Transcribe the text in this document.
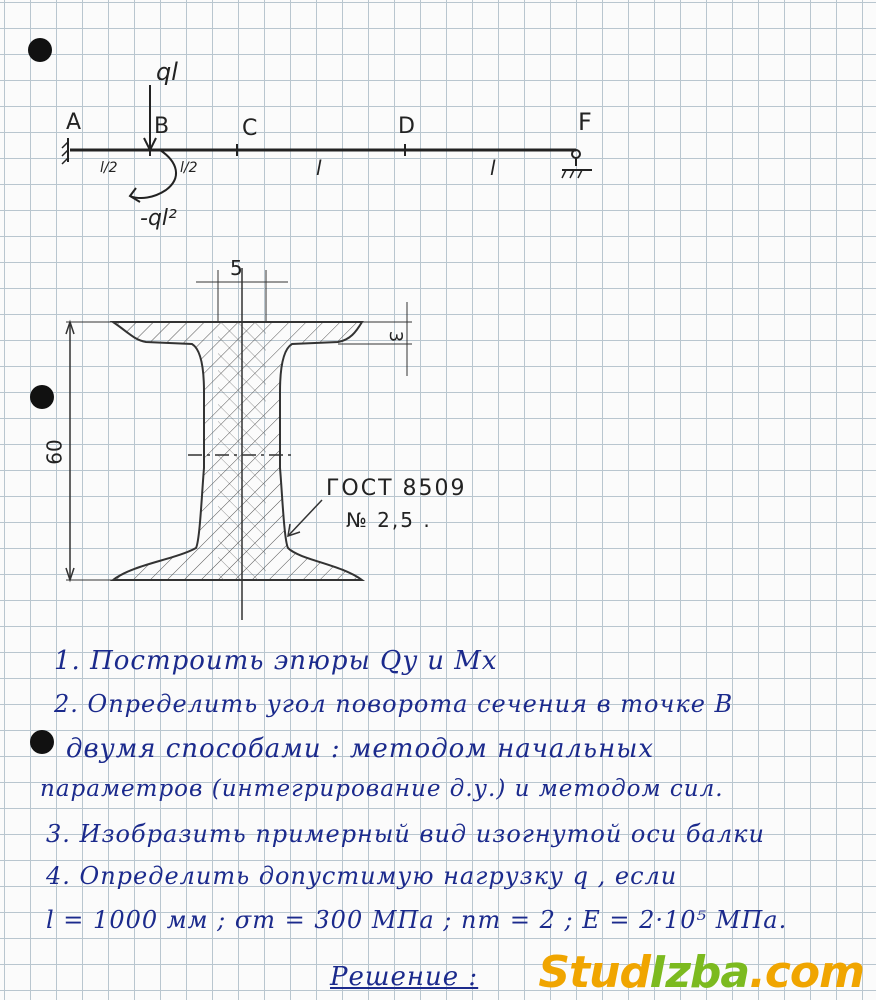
ql
A	B	C	D	F
l/2	l/2	l	l
-ql²
5
3
60
ГОСТ 8509
№ 2,5 .
1. Построить эпюры Qy и Mx
2. Определить угол поворота сечения в точке B
двумя способами : методом начальных
параметров (интегрирование д.у.) и методом сил.
3. Изобразить примерный вид изогнутой оси балки
4. Определить допустимую нагрузку q , если
l = 1000 мм ; σт = 300 МПа ; nт = 2 ; E = 2·10⁵ МПа.
Решение : StudIzba.com
